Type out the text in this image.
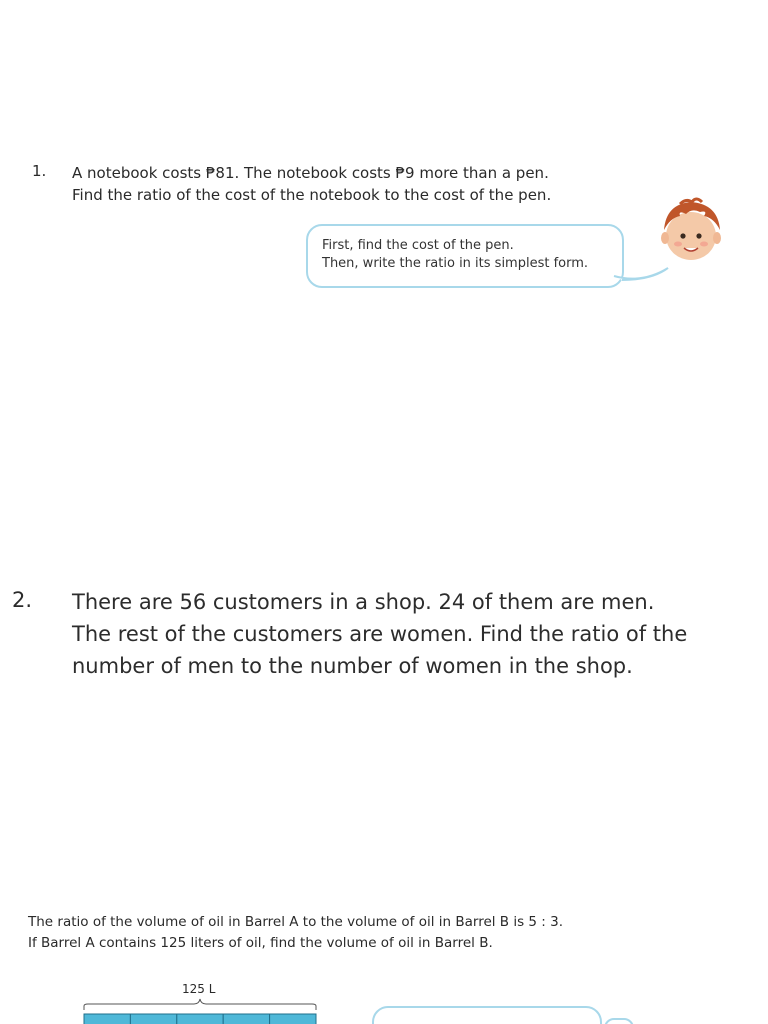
1. A notebook costs ₱81. The notebook costs ₱9 more than a pen.
Find the ratio of the cost of the notebook to the cost of the pen.
First, find the cost of the pen.
Then, write the ratio in its simplest form.
2. There are 56 customers in a shop. 24 of them are men.
The rest of the customers are women. Find the ratio of the
number of men to the number of women in the shop.
The ratio of the volume of oil in Barrel A to the volume of oil in Barrel B is 5 : 3.
If Barrel A contains 125 liters of oil, find the volume of oil in Barrel B.
125 L
